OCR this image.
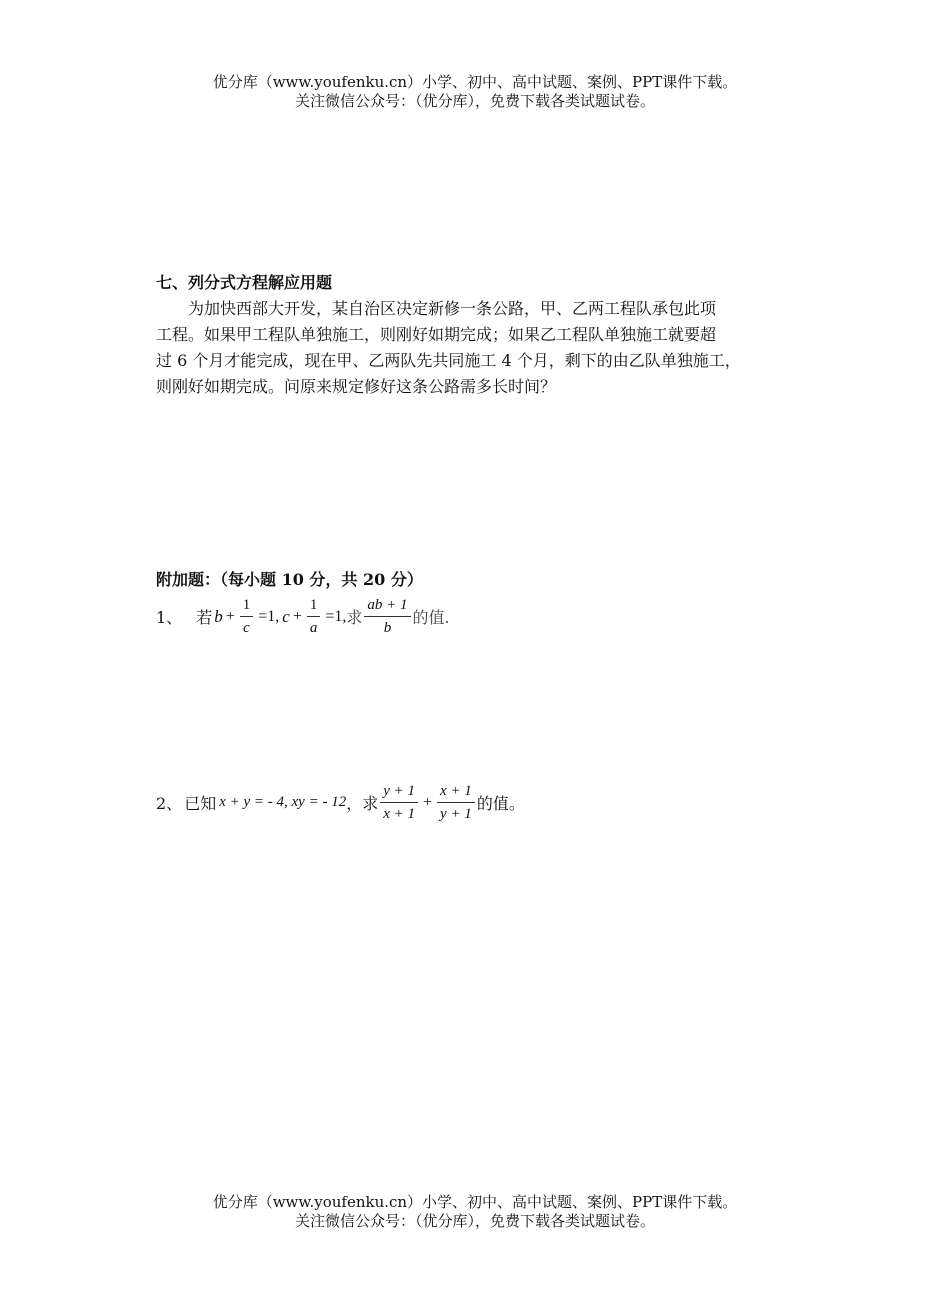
优分库（www.youfenku.cn）小学、初中、高中试题、案例、PPT课件下载。
关注微信公众号：（优分库），免费下载各类试题试卷。
七、列分式方程解应用题

为加快西部大开发，某自治区决定新修一条公路，甲、乙两工程队承包此项

工程。如果甲工程队单独施工，则刚好如期完成；如果乙工程队单独施工就要超

过 6 个月才能完成，现在甲、乙两队先共同施工 4 个月，剩下的由乙队单独施工，

则刚好如期完成。问原来规定修好这条公路需多长时间？

附加题：（每小题 10 分，共 20 分）
1、 若 $b + \frac{1}{c} =1$, $c + \frac{1}{a} =1$, 求 $\frac{ab + 1}{b}$ 的值.
2、 已知 x + y = - 4, xy = - 12 ，求 $\frac{y + 1}{x + 1} + \frac{x + 1}{y + 1}$ 的值。
优分库（www.youfenku.cn）小学、初中、高中试题、案例、PPT课件下载。
关注微信公众号：（优分库），免费下载各类试题试卷。
